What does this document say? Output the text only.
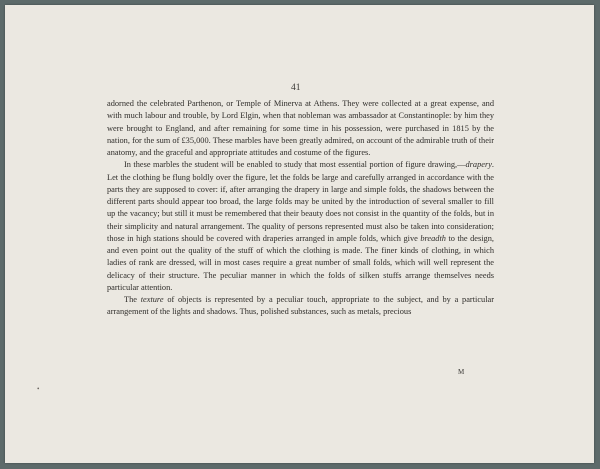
41

adorned the celebrated Parthenon, or Temple of Minerva at Athens. They were collected at a great expense, and with much labour and trouble, by Lord Elgin, when that nobleman was ambassador at Constantinople: by him they were brought to England, and after remaining for some time in his possession, were purchased in 1815 by the nation, for the sum of £35,000. These marbles have been greatly admired, on account of the admirable truth of their anatomy, and the graceful and appropriate attitudes and costume of the figures.

In these marbles the student will be enabled to study that most essential portion of figure drawing,—drapery. Let the clothing be flung boldly over the figure, let the folds be large and carefully arranged in accordance with the parts they are supposed to cover: if, after arranging the drapery in large and simple folds, the shadows between the different parts should appear too broad, the large folds may be united by the introduction of several smaller to fill up the vacancy; but still it must be remembered that their beauty does not consist in the quantity of the folds, but in their simplicity and natural arrangement. The quality of persons represented must also be taken into consideration; those in high stations should be covered with draperies arranged in ample folds, which give breadth to the design, and even point out the quality of the stuff of which the clothing is made. The finer kinds of clothing, in which ladies of rank are dressed, will in most cases require a great number of small folds, which will well represent the delicacy of their structure. The peculiar manner in which the folds of silken stuffs arrange themselves needs particular attention.

The texture of objects is represented by a peculiar touch, appropriate to the subject, and by a particular arrangement of the lights and shadows. Thus, polished substances, such as metals, precious

M
•
